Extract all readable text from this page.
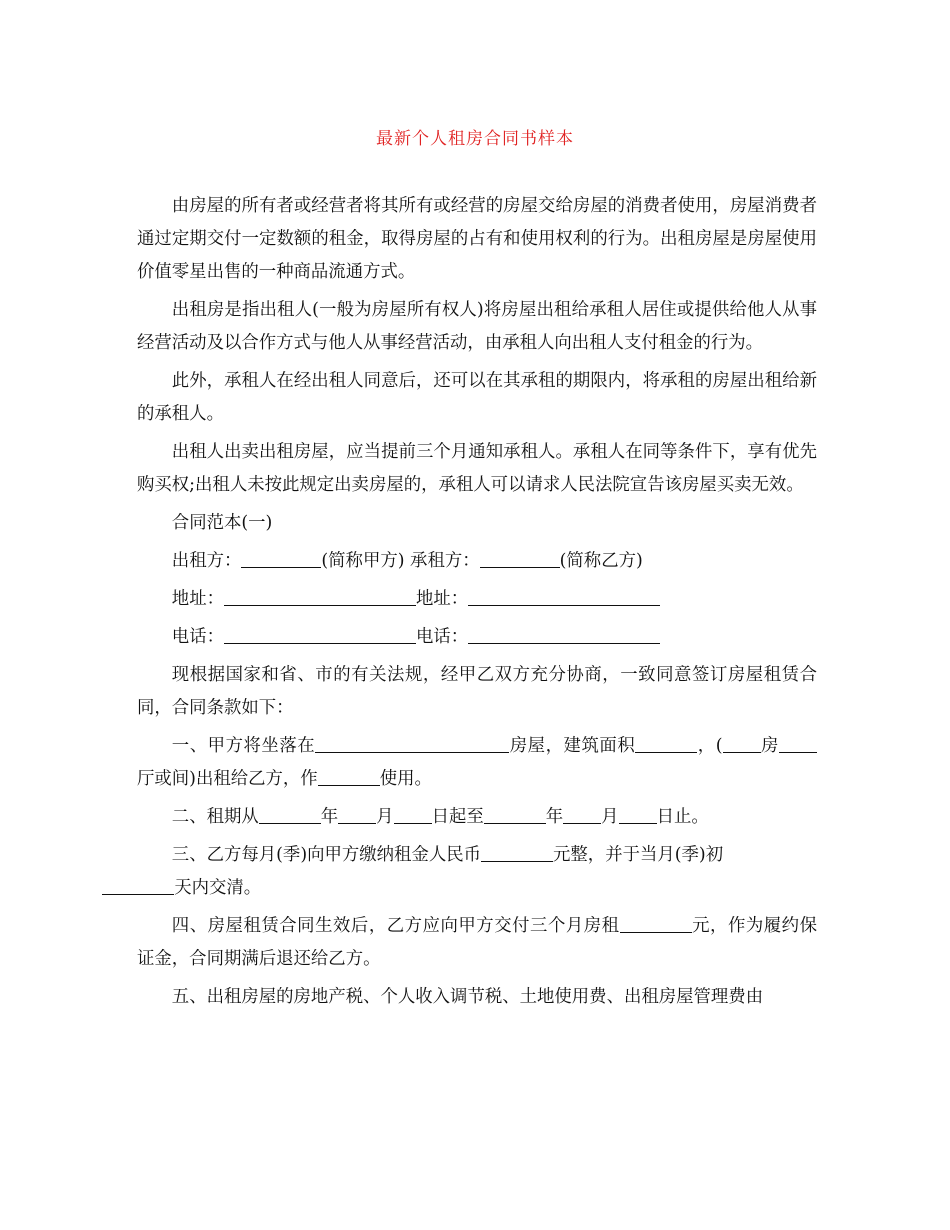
最新个人租房合同书样本

由房屋的所有者或经营者将其所有或经营的房屋交给房屋的消费者使用，房屋消费者通过定期交付一定数额的租金，取得房屋的占有和使用权利的行为。出租房屋是房屋使用价值零星出售的一种商品流通方式。

出租房是指出租人(一般为房屋所有权人)将房屋出租给承租人居住或提供给他人从事经营活动及以合作方式与他人从事经营活动，由承租人向出租人支付租金的行为。

此外，承租人在经出租人同意后，还可以在其承租的期限内，将承租的房屋出租给新的承租人。

出租人出卖出租房屋，应当提前三个月通知承租人。承租人在同等条件下，享有优先购买权;出租人未按此规定出卖房屋的，承租人可以请求人民法院宣告该房屋买卖无效。

合同范本(一)

出租方：	(简称甲方) 承租方：	(简称乙方)
地址：	地址：
电话：	电话：

现根据国家和省、市的有关法规，经甲乙双方充分协商，一致同意签订房屋租赁合同，合同条款如下：

一、甲方将坐落在	房屋，建筑面积	，( 房厅或间)出租给乙方，作	使用。

二、租期从	年 月 日起至	年 月 日止。

三、乙方每月(季)向甲方缴纳租金人民币	元整，并于当月(季)初
天内交清。

四、房屋租赁合同生效后，乙方应向甲方交付三个月房租	元，作为履约保证金，合同期满后退还给乙方。

五、出租房屋的房地产税、个人收入调节税、土地使用费、出租房屋管理费由
